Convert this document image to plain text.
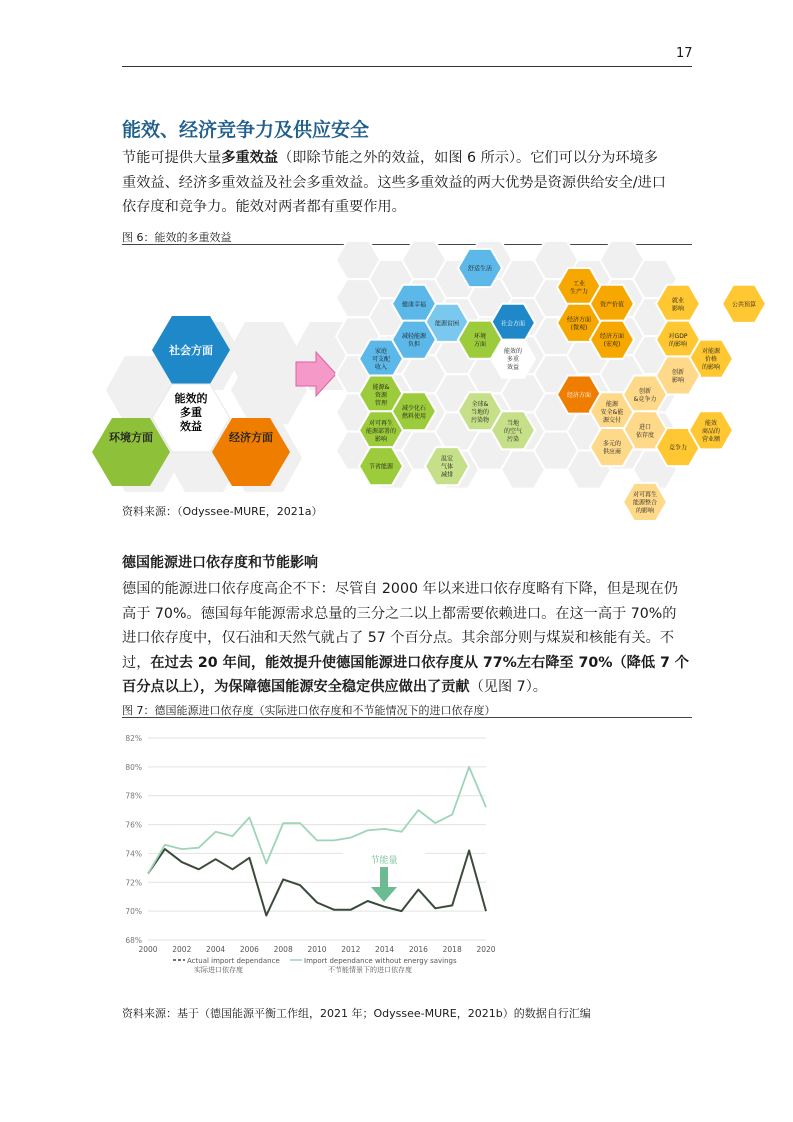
17
能效、经济竞争力及供应安全
节能可提供大量多重效益（即除节能之外的效益，如图 6 所示）。它们可以分为环境多
重效益、经济多重效益及社会多重效益。这些多重效益的两大优势是资源供给安全/进口
依存度和竞争力。能效对两者都有重要作用。
图 6：能效的多重效益
社会方面
能效的
多重
效益
环境方面	经济方面
舒适生活
健康幸福
社会方面
家庭
可支配
收入
能源贫困
能效的
多重
效益
减轻能源
负担
环境
方面
能源&
资源
管理
对可再生
能源部署的
影响
全球&
当地的
污染物
减少化石
燃料使用
节省能源
温室
气体
减排
当地
的空气
污染
工业
生产力
经济方面
(微观)
资产价值
经济方面
(宏观)
经济方面
就业
影响
对GDP
的影响
对能源
价格
的影响
公共预算
能源
安全&能
源交付
创新
&竞争力
进口
依存度
创新
影响
多元的
供应商
竞争力
能效
商品的
营业额
对可再生
能源整合
的影响
资料来源：（Odyssee-MURE，2021a）
德国能源进口依存度和节能影响
德国的能源进口依存度高企不下：尽管自 2000 年以来进口依存度略有下降，但是现在仍
高于 70%。德国每年能源需求总量的三分之二以上都需要依赖进口。在这一高于 70%的
进口依存度中，仅石油和天然气就占了 57 个百分点。其余部分则与煤炭和核能有关。不
过，在过去 20 年间，能效提升使德国能源进口依存度从 77%左右降至 70%（降低 7 个
百分点以上），为保障德国能源安全稳定供应做出了贡献（见图 7）。
图 7：德国能源进口依存度（实际进口依存度和不节能情况下的进口依存度）
68%
70%
72%
74%
76%
78%
80%
82%
2000 2002 2004 2006 2008 2010 2012 2014 2016 2018 2020
节能量
Actual import dependance
实际进口依存度
Import dependance without energy savings
不节能情景下的进口依存度
资料来源：基于（德国能源平衡工作组，2021 年；Odyssee-MURE，2021b）的数据自行汇编
